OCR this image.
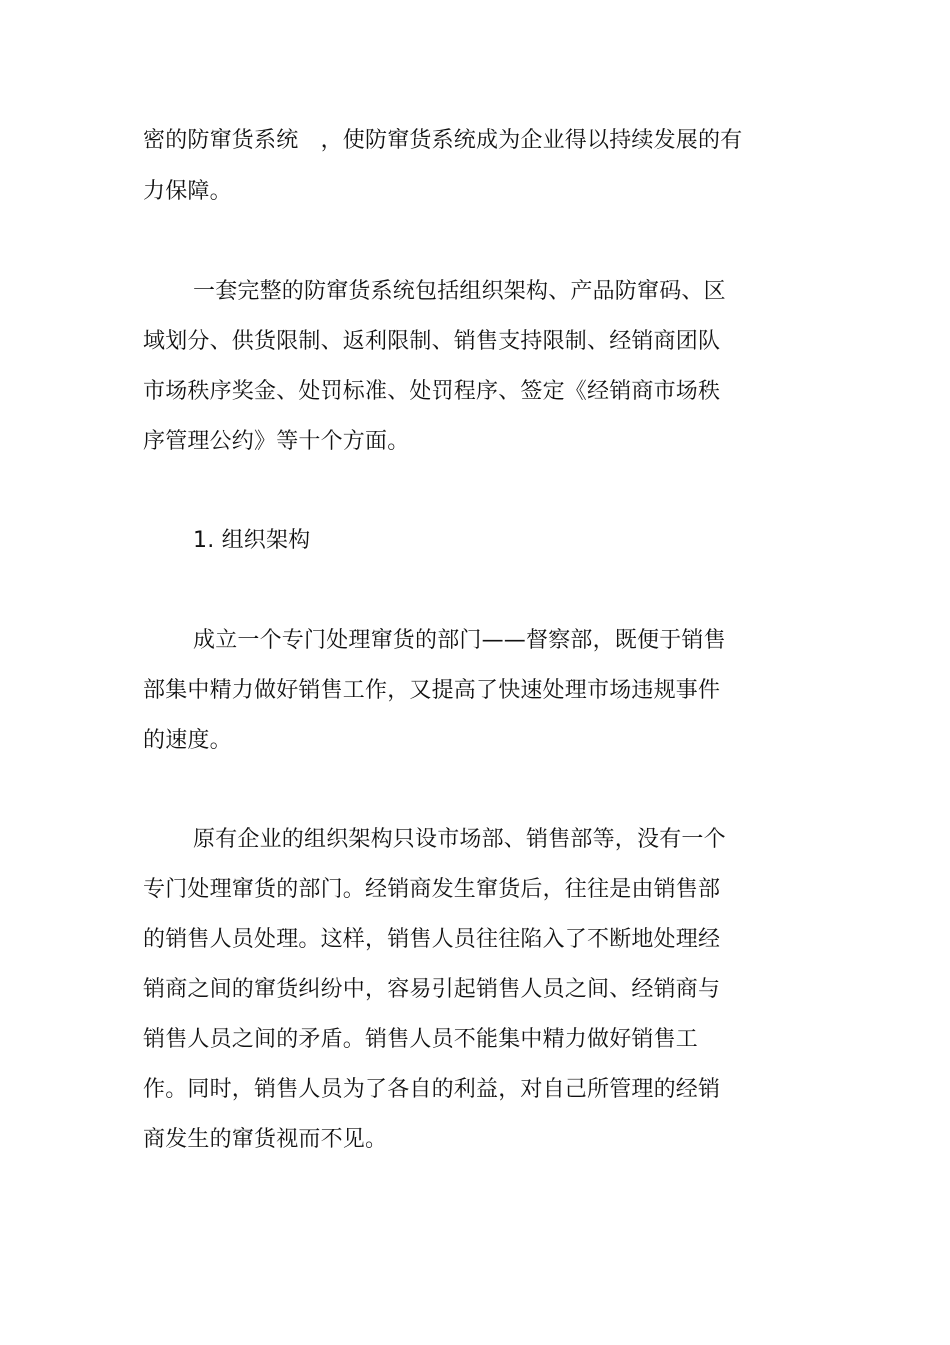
密的防窜货系统　，使防窜货系统成为企业得以持续发展的有
力保障。
一套完整的防窜货系统包括组织架构、产品防窜码、区
域划分、供货限制、返利限制、销售支持限制、经销商团队
市场秩序奖金、处罚标准、处罚程序、签定《经销商市场秩
序管理公约》等十个方面。
1. 组织架构
成立一个专门处理窜货的部门——督察部，既便于销售
部集中精力做好销售工作，又提高了快速处理市场违规事件
的速度。
原有企业的组织架构只设市场部、销售部等，没有一个
专门处理窜货的部门。经销商发生窜货后，往往是由销售部
的销售人员处理。这样，销售人员往往陷入了不断地处理经
销商之间的窜货纠纷中，容易引起销售人员之间、经销商与
销售人员之间的矛盾。销售人员不能集中精力做好销售工
作。同时，销售人员为了各自的利益，对自己所管理的经销
商发生的窜货视而不见。
